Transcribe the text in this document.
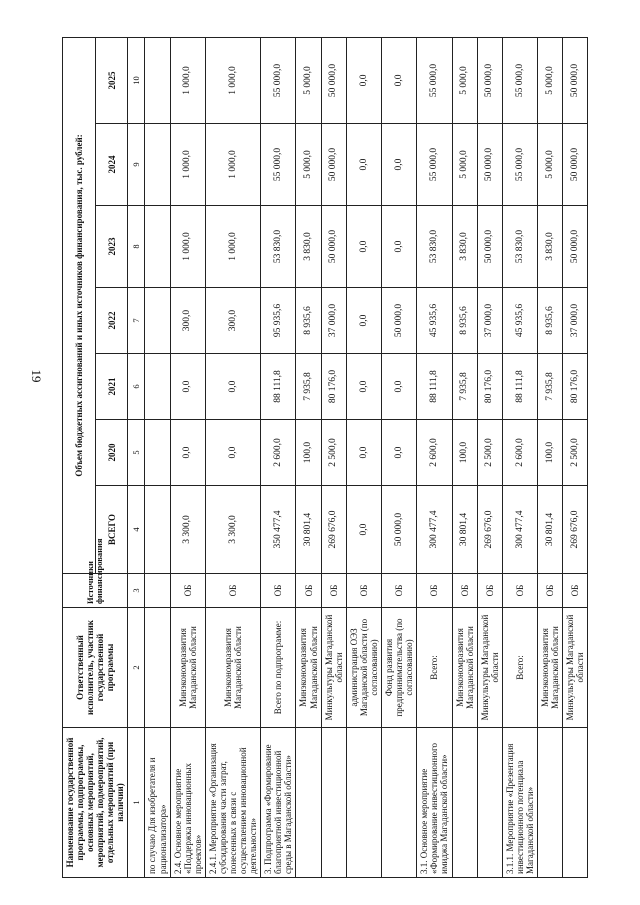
19
Наименование государственной программы, подпрограммы, основных мероприятий, мероприятий, подмероприятий, отдельных мероприятий (при наличии)	Ответственный исполнитель, участник государственной программы	Источники финансирования	Объем бюджетных ассигнований и иных источников финансирования, тыс. рублей:						
			ВСЕГО	2020	2021	2022	2023	2024	2025
1	2	3	4	5	6	7	8	9	10
по случаю Для изобретателя и рационализатора»									
2.4. Основное мероприятие «Поддержка инновационных проектов»	Минэкономразвития Магаданской области	ОБ	3 300,0	0,0	0,0	300,0	1 000,0	1 000,0	1 000,0
2.4.1. Мероприятие «Организация субсидирования части затрат, понесенных в связи с осуществлением инновационной деятельности»	Минэкономразвития Магаданской области	ОБ	3 300,0	0,0	0,0	300,0	1 000,0	1 000,0	1 000,0
3. Подпрограмма «Формирование благоприятной инвестиционной среды в Магаданской области»	Всего по подпрограмме:	ОБ	350 477,4	2 600,0	88 111,8	95 935,6	53 830,0	55 000,0	55 000,0
	Минэкономразвития Магаданской области	ОБ	30 801,4	100,0	7 935,8	8 935,6	3 830,0	5 000,0	5 000,0
	Минкультуры Магаданской области	ОБ	269 676,0	2 500,0	80 176,0	37 000,0	50 000,0	50 000,0	50 000,0
	администрация ОЭЗ Магаданской области (по согласованию)	ОБ	0,0	0,0	0,0	0,0	0,0	0,0	0,0
	Фонд развития предпринимательства (по согласованию)	ОБ	50 000,0	0,0	0,0	50 000,0	0,0	0,0	0,0
3.1. Основное мероприятие «Формирование инвестиционного имиджа Магаданской области»	Всего:	ОБ	300 477,4	2 600,0	88 111,8	45 935,6	53 830,0	55 000,0	55 000,0
	Минэкономразвития Магаданской области	ОБ	30 801,4	100,0	7 935,8	8 935,6	3 830,0	5 000,0	5 000,0
	Минкультуры Магаданской области	ОБ	269 676,0	2 500,0	80 176,0	37 000,0	50 000,0	50 000,0	50 000,0
3.1.1. Мероприятие «Презентация инвестиционного потенциала Магаданской области»	Всего:	ОБ	300 477,4	2 600,0	88 111,8	45 935,6	53 830,0	55 000,0	55 000,0
	Минэкономразвития Магаданской области	ОБ	30 801,4	100,0	7 935,8	8 935,6	3 830,0	5 000,0	5 000,0
	Минкультуры Магаданской области	ОБ	269 676,0	2 500,0	80 176,0	37 000,0	50 000,0	50 000,0	50 000,0
